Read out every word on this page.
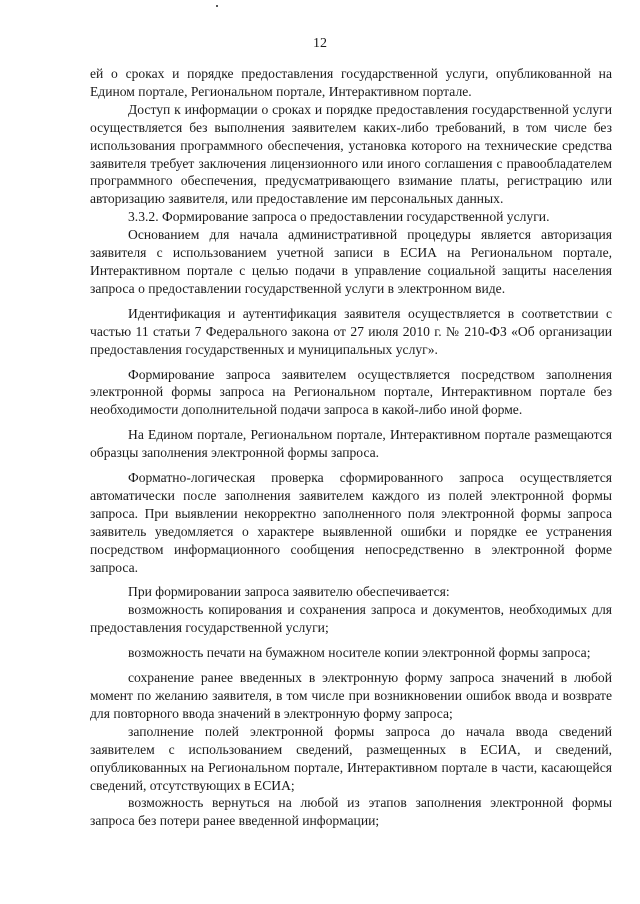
12

ей о сроках и порядке предоставления государственной услуги, опубликованной на Едином портале, Региональном портале, Интерактивном портале.

Доступ к информации о сроках и порядке предоставления государственной услуги осуществляется без выполнения заявителем каких-либо требований, в том числе без использования программного обеспечения, установка которого на технические средства заявителя требует заключения лицензионного или иного соглашения с правообладателем программного обеспечения, предусматривающего взимание платы, регистрацию или авторизацию заявителя, или предоставление им персональных данных.

3.3.2. Формирование запроса о предоставлении государственной услуги.

Основанием для начала административной процедуры является авторизация заявителя с использованием учетной записи в ЕСИА на Региональном портале, Интерактивном портале с целью подачи в управление социальной защиты населения запроса о предоставлении государственной услуги в электронном виде.

Идентификация и аутентификация заявителя осуществляется в соответствии с частью 11 статьи 7 Федерального закона от 27 июля 2010 г. № 210-ФЗ «Об организации предоставления государственных и муниципальных услуг».

Формирование запроса заявителем осуществляется посредством заполнения электронной формы запроса на Региональном портале, Интерактивном портале без необходимости дополнительной подачи запроса в какой-либо иной форме.

На Едином портале, Региональном портале, Интерактивном портале размещаются образцы заполнения электронной формы запроса.

Форматно-логическая проверка сформированного запроса осуществляется автоматически после заполнения заявителем каждого из полей электронной формы запроса. При выявлении некорректно заполненного поля электронной формы запроса заявитель уведомляется о характере выявленной ошибки и порядке ее устранения посредством информационного сообщения непосредственно в электронной форме запроса.

При формировании запроса заявителю обеспечивается:

возможность копирования и сохранения запроса и документов, необходимых для предоставления государственной услуги;

возможность печати на бумажном носителе копии электронной формы запроса;

сохранение ранее введенных в электронную форму запроса значений в любой момент по желанию заявителя, в том числе при возникновении ошибок ввода и возврате для повторного ввода значений в электронную форму запроса;

заполнение полей электронной формы запроса до начала ввода сведений заявителем с использованием сведений, размещенных в ЕСИА, и сведений, опубликованных на Региональном портале, Интерактивном портале в части, касающейся сведений, отсутствующих в ЕСИА;

возможность вернуться на любой из этапов заполнения электронной формы запроса без потери ранее введенной информации;
